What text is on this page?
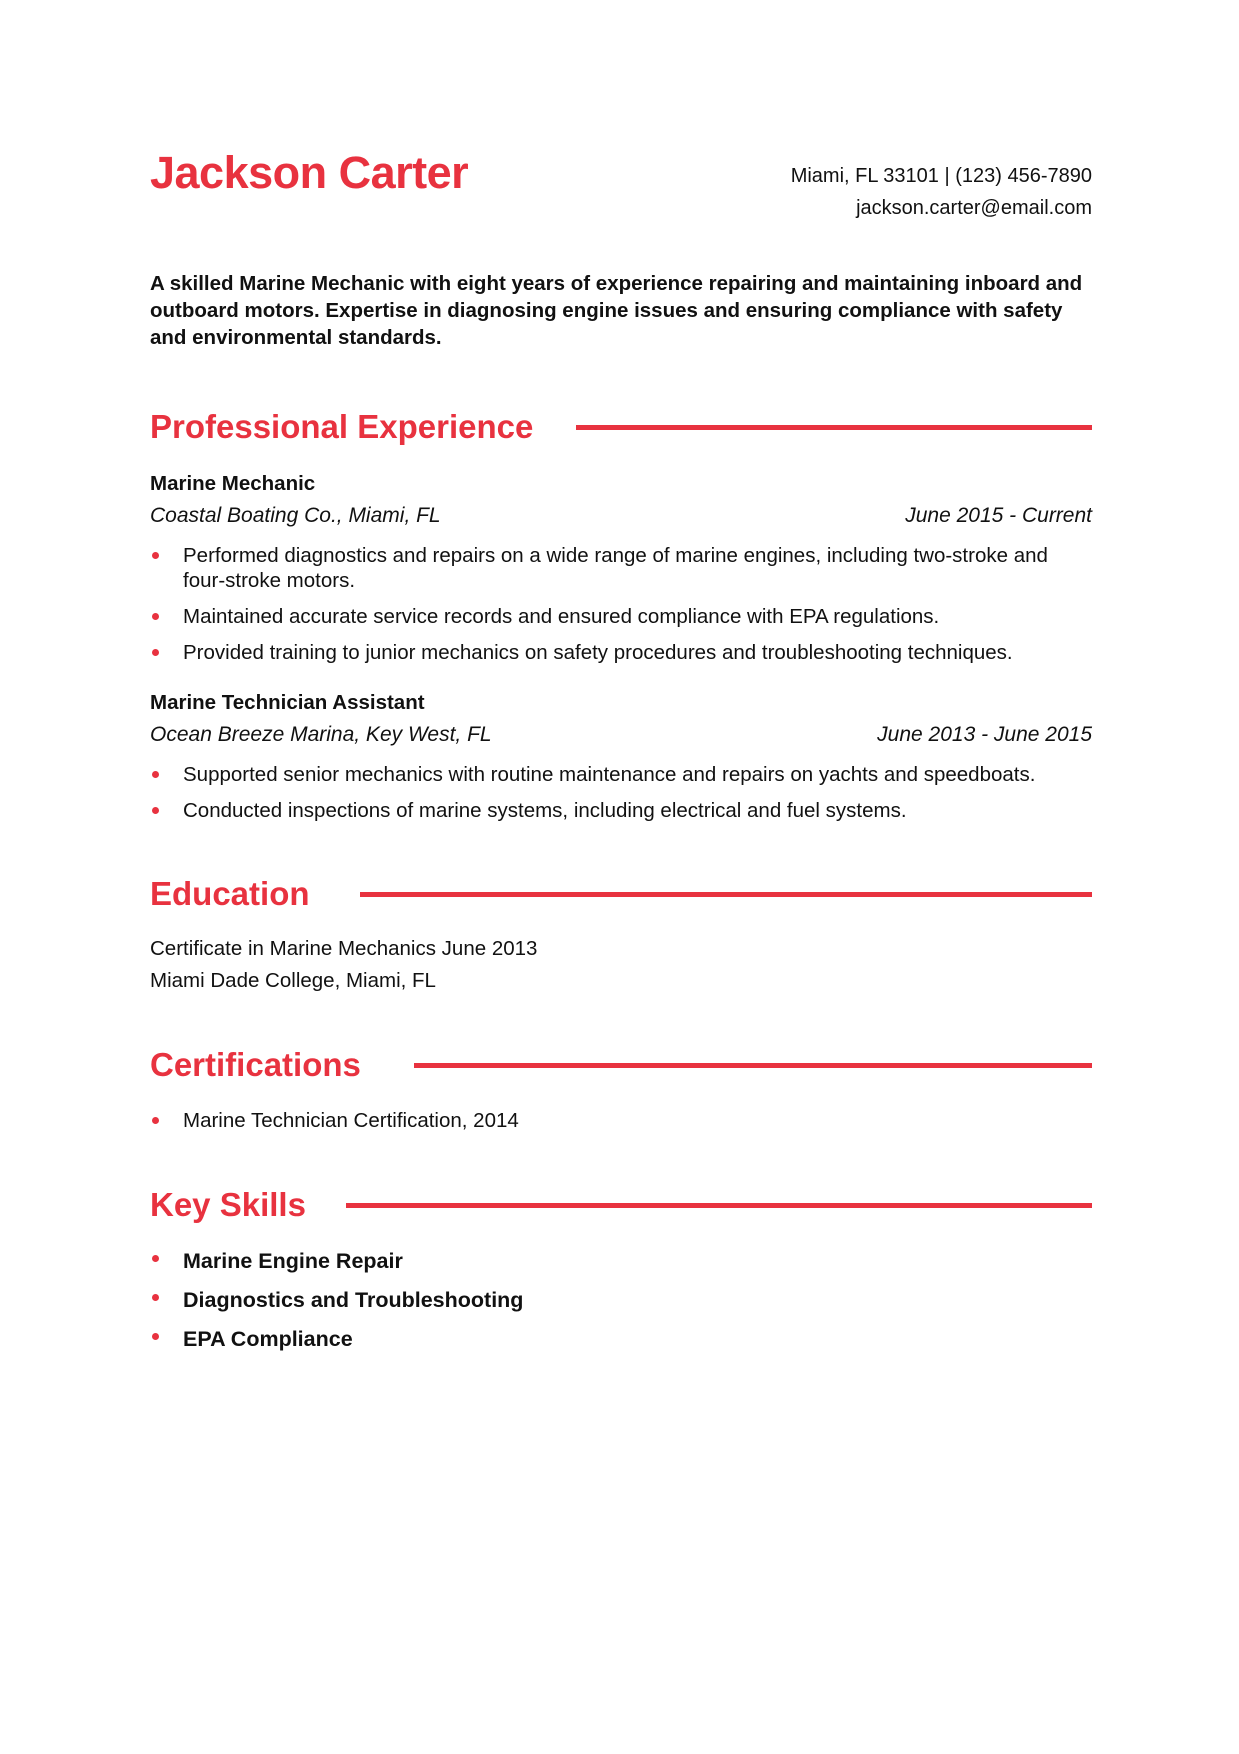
Jackson Carter	Miami, FL 33101 | (123) 456-7890
jackson.carter@email.com
A skilled Marine Mechanic with eight years of experience repairing and maintaining inboard and outboard motors. Expertise in diagnosing engine issues and ensuring compliance with safety and environmental standards.
Professional Experience
Marine Mechanic
Coastal Boating Co., Miami, FL	June 2015 - Current
Performed diagnostics and repairs on a wide range of marine engines, including two-stroke and four-stroke motors.
Maintained accurate service records and ensured compliance with EPA regulations.
Provided training to junior mechanics on safety procedures and troubleshooting techniques.
Marine Technician Assistant
Ocean Breeze Marina, Key West, FL	June 2013 - June 2015
Supported senior mechanics with routine maintenance and repairs on yachts and speedboats.
Conducted inspections of marine systems, including electrical and fuel systems.
Education
Certificate in Marine Mechanics June 2013
Miami Dade College, Miami, FL
Certifications
Marine Technician Certification, 2014
Key Skills
Marine Engine Repair
Diagnostics and Troubleshooting
EPA Compliance
